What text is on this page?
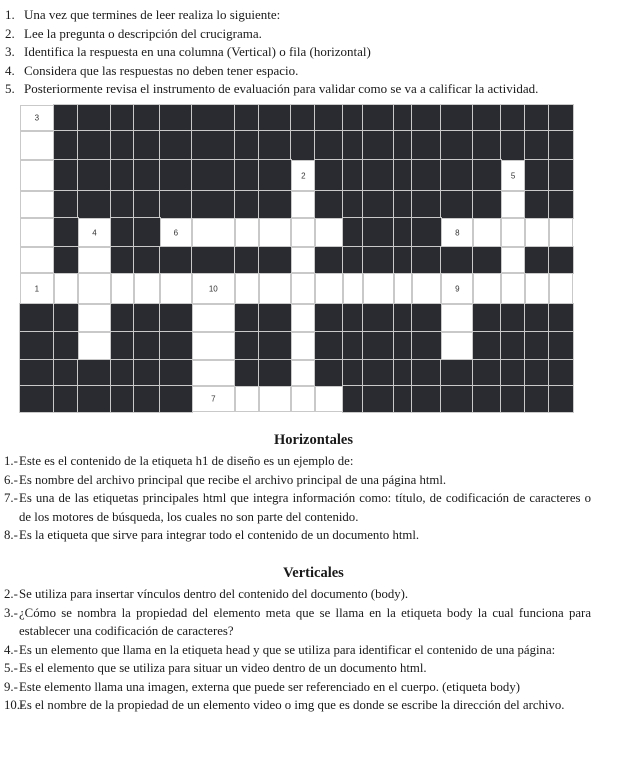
1. Una vez que termines de leer realiza lo siguiente:
2. Lee la pregunta o descripción del crucigrama.
3. Identifica la respuesta en una columna (Vertical) o fila (horizontal)
4. Considera que las respuestas no deben tener espacio.
5. Posteriormente revisa el instrumento de evaluación para validar como se va a calificar la actividad.
3
2	5
4	6	8
1	10	9
7
Horizontales
1.- Este es el contenido de la etiqueta h1 de diseño es un ejemplo de:
6.- Es nombre del archivo principal que recibe el archivo principal de una página html.
7.- Es una de las etiquetas principales html que integra información como: título, de codificación de caracteres o de los motores de búsqueda, los cuales no son parte del contenido.
8.- Es la etiqueta que sirve para integrar todo el contenido de un documento html.
Verticales
2.- Se utiliza para insertar vínculos dentro del contenido del documento (body).
3.- ¿Cómo se nombra la propiedad del elemento meta que se llama en la etiqueta body la cual funciona para establecer una codificación de caracteres?
4.- Es un elemento que llama en la etiqueta head y que se utiliza para identificar el contenido de una página:
5.- Es el elemento que se utiliza para situar un video dentro de un documento html.
9.- Este elemento llama una imagen, externa que puede ser referenciado en el cuerpo. (etiqueta body)
10.-
Es el nombre de la propiedad de un elemento video o img que es donde se escribe la dirección del archivo.
